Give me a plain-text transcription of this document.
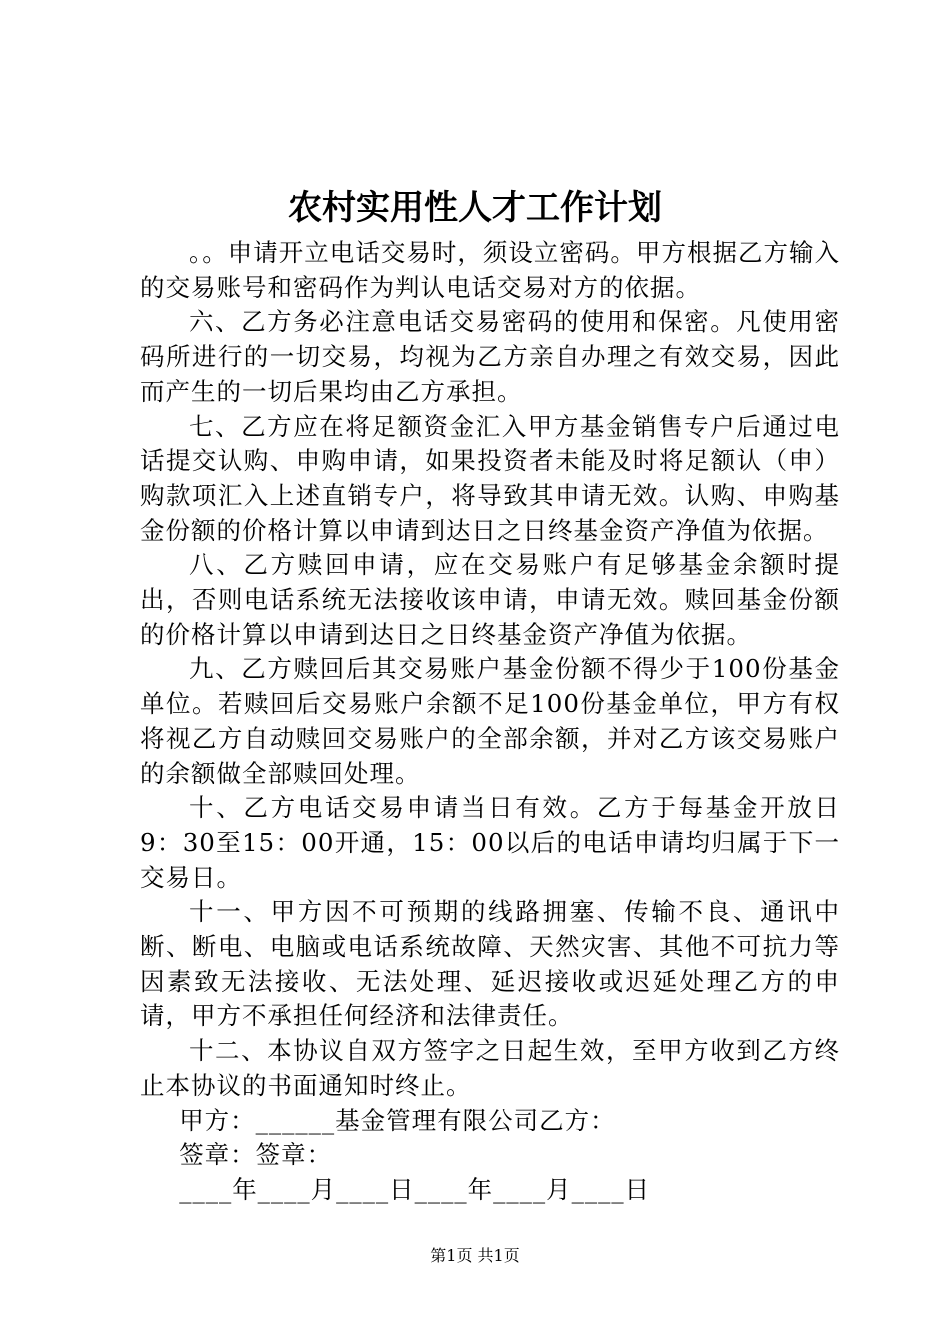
农村实用性人才工作计划

。。申请开立电话交易时，须设立密码。甲方根据乙方输入的交易账号和密码作为判认电话交易对方的依据。

六、乙方务必注意电话交易密码的使用和保密。凡使用密码所进行的一切交易，均视为乙方亲自办理之有效交易，因此而产生的一切后果均由乙方承担。

七、乙方应在将足额资金汇入甲方基金销售专户后通过电话提交认购、申购申请，如果投资者未能及时将足额认（申）购款项汇入上述直销专户，将导致其申请无效。认购、申购基金份额的价格计算以申请到达日之日终基金资产净值为依据。

八、乙方赎回申请，应在交易账户有足够基金余额时提出，否则电话系统无法接收该申请，申请无效。赎回基金份额的价格计算以申请到达日之日终基金资产净值为依据。

九、乙方赎回后其交易账户基金份额不得少于100份基金单位。若赎回后交易账户余额不足100份基金单位，甲方有权将视乙方自动赎回交易账户的全部余额，并对乙方该交易账户的余额做全部赎回处理。

十、乙方电话交易申请当日有效。乙方于每基金开放日9：30至15：00开通，15：00以后的电话申请均归属于下一交易日。

十一、甲方因不可预期的线路拥塞、传输不良、通讯中断、断电、电脑或电话系统故障、天然灾害、其他不可抗力等因素致无法接收、无法处理、延迟接收或迟延处理乙方的申请，甲方不承担任何经济和法律责任。

十二、本协议自双方签字之日起生效，至甲方收到乙方终止本协议的书面通知时终止。

甲方：______基金管理有限公司乙方：

签章：签章：

____年____月____日____年____月____日

第1页 共1页
